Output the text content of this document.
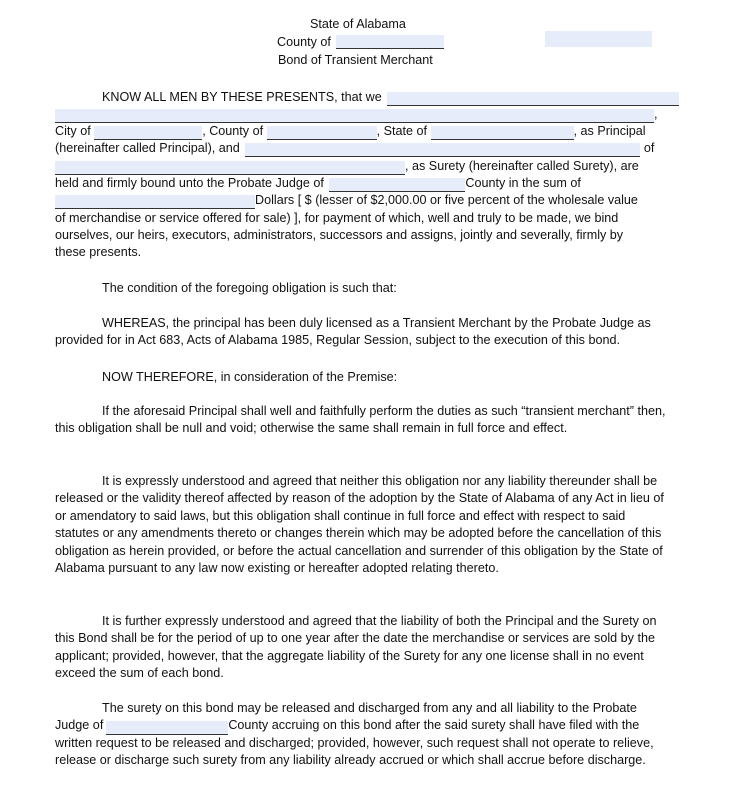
State of Alabama
County of
Bond of Transient Merchant
KNOW ALL MEN BY THESE PRESENTS, that we
,
City of	, County of	, State of	, as Principal
(hereinafter called Principal), and	of
, as Surety (hereinafter called Surety), are
held and firmly bound unto the Probate Judge of	County in the sum of
Dollars [ $ (lesser of $2,000.00 or five percent of the wholesale value
of merchandise or service offered for sale) ], for payment of which, well and truly to be made, we bind
ourselves, our heirs, executors, administrators, successors and assigns, jointly and severally, firmly by
these presents.
The condition of the foregoing obligation is such that:
WHEREAS, the principal has been duly licensed as a Transient Merchant by the Probate Judge as provided for in Act 683, Acts of Alabama 1985, Regular Session, subject to the execution of this bond.
NOW THEREFORE, in consideration of the Premise:
If the aforesaid Principal shall well and faithfully perform the duties as such “transient merchant” then, this obligation shall be null and void; otherwise the same shall remain in full force and effect.
It is expressly understood and agreed that neither this obligation nor any liability thereunder shall be released or the validity thereof affected by reason of the adoption by the State of Alabama of any Act in lieu of or amendatory to said laws, but this obligation shall continue in full force and effect with respect to said statutes or any amendments thereto or changes therein which may be adopted before the cancellation of this obligation as herein provided, or before the actual cancellation and surrender of this obligation by the State of Alabama pursuant to any law now existing or hereafter adopted relating thereto.
It is further expressly understood and agreed that the liability of both the Principal and the Surety on this Bond shall be for the period of up to one year after the date the merchandise or services are sold by the applicant; provided, however, that the aggregate liability of the Surety for any one license shall in no event exceed the sum of each bond.
The surety on this bond may be released and discharged from any and all liability to the Probate Judge of	County accruing on this bond after the said surety shall have filed with the written request to be released and discharged; provided, however, such request shall not operate to relieve, release or discharge such surety from any liability already accrued or which shall accrue before discharge.
